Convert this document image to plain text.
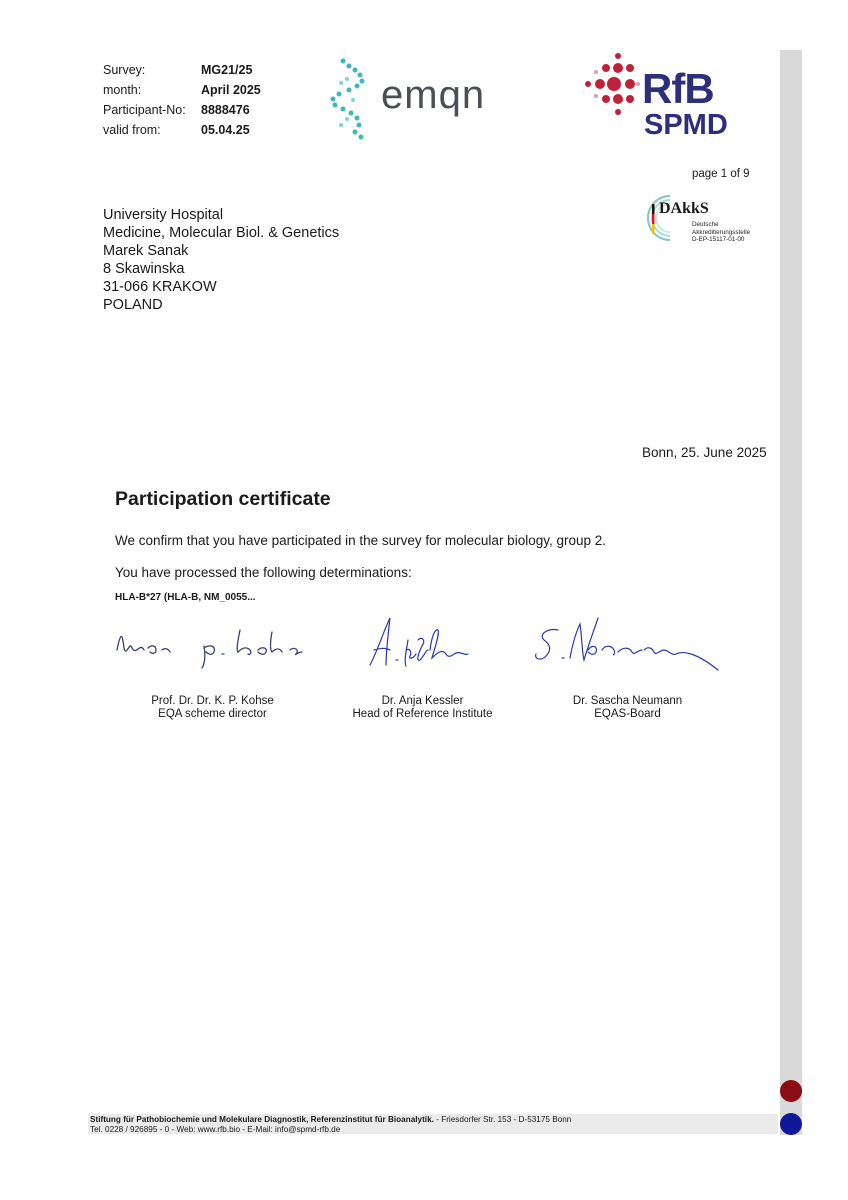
Survey:	MG21/25
month:	April 2025
Participant-No:	8888476
valid from:	05.04.25
emqn	RfB
SPMD
page 1 of 9
DAkkS
Deutsche
Akkreditierungsstelle
D-EP-15117-01-00
University Hospital
Medicine, Molecular Biol. & Genetics
Marek Sanak
8 Skawinska
31-066 KRAKOW
POLAND
Bonn, 25. June 2025
Participation certificate
We confirm that you have participated in the survey for molecular biology, group 2.
You have processed the following determinations:
HLA-B*27 (HLA-B, NM_0055...
Prof. Dr. Dr. K. P. Kohse
EQA scheme director
Dr. Anja Kessler
Head of Reference Institute
Dr. Sascha Neumann
EQAS-Board
Stiftung für Pathobiochemie und Molekulare Diagnostik, Referenzinstitut für Bioanalytik. - Friesdorfer Str. 153 - D-53175 Bonn
Tel. 0228 / 926895 - 0 - Web: www.rfb.bio - E-Mail: info@spmd-rfb.de
